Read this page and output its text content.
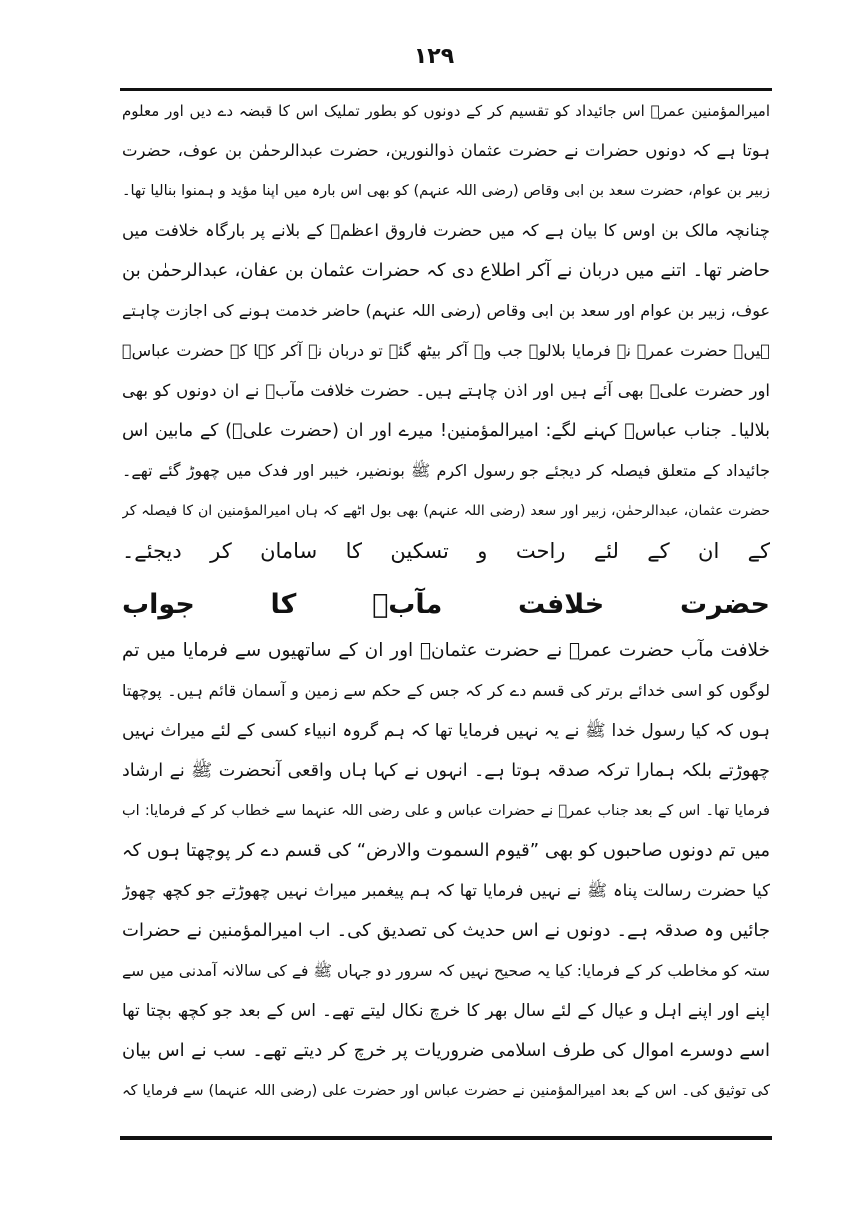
۱۲۹
امیرالمؤمنین عمرؓ اس جائیداد کو تقسیم کر کے دونوں کو بطور تملیک اس کا قبضہ دے دیں اور معلوم
ہوتا ہے کہ دونوں حضرات نے حضرت عثمان ذوالنورین، حضرت عبدالرحمٰن بن عوف، حضرت
زبیر بن عوام، حضرت سعد بن ابی وقاص (رضی اللہ عنہم) کو بھی اس بارہ میں اپنا مؤید و ہمنوا بنالیا تھا۔
چنانچہ مالک بن اوس کا بیان ہے کہ میں حضرت فاروق اعظمؓ کے بلانے پر بارگاہ خلافت میں
حاضر تھا۔ اتنے میں دربان نے آکر اطلاع دی کہ حضرات عثمان بن عفان، عبدالرحمٰن بن
عوف، زبیر بن عوام اور سعد بن ابی وقاص (رضی اللہ عنہم) حاضر خدمت ہونے کی اجازت چاہتے
ہیں۔ حضرت عمرؓ نے فرمایا بلالو۔ جب وہ آکر بیٹھ گئے تو دربان نے آکر کہا کہ حضرت عباسؓ
اور حضرت علیؓ بھی آئے ہیں اور اذن چاہتے ہیں۔ حضرت خلافت مآبؓ نے ان دونوں کو بھی
بلالیا۔ جناب عباسؓ کہنے لگے: امیرالمؤمنین! میرے اور ان (حضرت علیؓ) کے مابین اس
جائیداد کے متعلق فیصلہ کر دیجئے جو رسول اکرم ﷺ بونضیر، خیبر اور فدک میں چھوڑ گئے تھے۔
حضرت عثمان، عبدالرحمٰن، زبیر اور سعد (رضی اللہ عنہم) بھی بول اٹھے کہ ہاں امیرالمؤمنین ان کا فیصلہ کر
کے ان کے لئے راحت و تسکین کا سامان کر دیجئے۔
حضرت خلافت مآبؓ کا جواب
خلافت مآب حضرت عمرؓ نے حضرت عثمانؓ اور ان کے ساتھیوں سے فرمایا میں تم
لوگوں کو اسی خدائے برتر کی قسم دے کر کہ جس کے حکم سے زمین و آسمان قائم ہیں۔ پوچھتا
ہوں کہ کیا رسول خدا ﷺ نے یہ نہیں فرمایا تھا کہ ہم گروہ انبیاء کسی کے لئے میراث نہیں
چھوڑتے بلکہ ہمارا ترکہ صدقہ ہوتا ہے۔ انہوں نے کہا ہاں واقعی آنحضرت ﷺ نے ارشاد
فرمایا تھا۔ اس کے بعد جناب عمرؓ نے حضرات عباس و علی رضی اللہ عنہما سے خطاب کر کے فرمایا: اب
میں تم دونوں صاحبوں کو بھی ”قیوم السموت والارض“ کی قسم دے کر پوچھتا ہوں کہ
کیا حضرت رسالت پناہ ﷺ نے نہیں فرمایا تھا کہ ہم پیغمبر میراث نہیں چھوڑتے جو کچھ چھوڑ
جائیں وہ صدقہ ہے۔ دونوں نے اس حدیث کی تصدیق کی۔ اب امیرالمؤمنین نے حضرات
ستہ کو مخاطب کر کے فرمایا: کیا یہ صحیح نہیں کہ سرور دو جہاں ﷺ فے کی سالانہ آمدنی میں سے
اپنے اور اپنے اہل و عیال کے لئے سال بھر کا خرچ نکال لیتے تھے۔ اس کے بعد جو کچھ بچتا تھا
اسے دوسرے اموال کی طرف اسلامی ضروریات پر خرچ کر دیتے تھے۔ سب نے اس بیان
کی توثیق کی۔ اس کے بعد امیرالمؤمنین نے حضرت عباس اور حضرت علی (رضی اللہ عنہما) سے فرمایا کہ
